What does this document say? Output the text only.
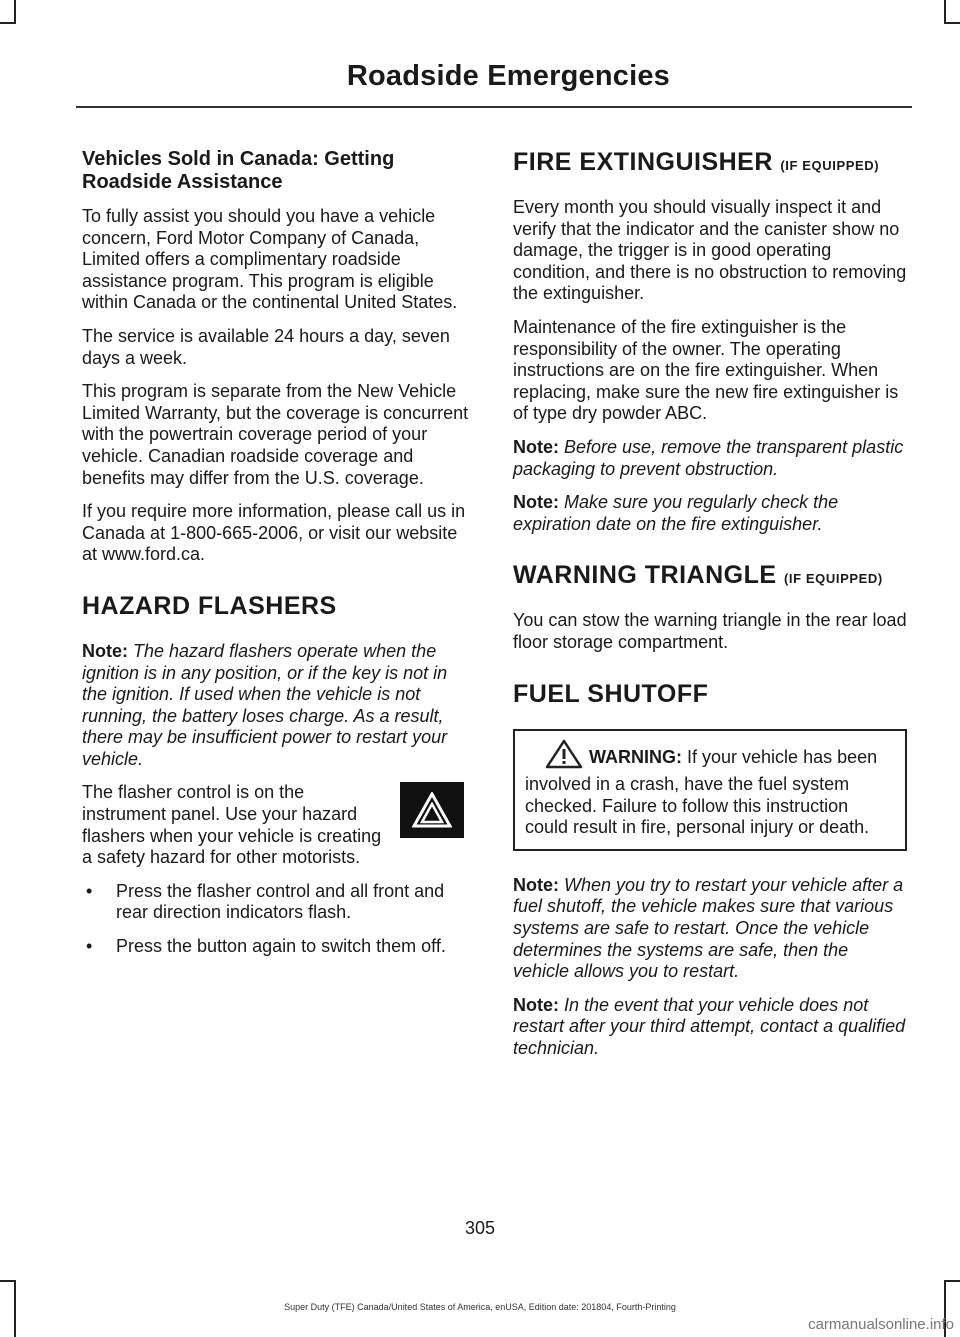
Roadside Emergencies
Vehicles Sold in Canada: Getting Roadside Assistance

To fully assist you should you have a vehicle concern, Ford Motor Company of Canada, Limited offers a complimentary roadside assistance program. This program is eligible within Canada or the continental United States.

The service is available 24 hours a day, seven days a week.

This program is separate from the New Vehicle Limited Warranty, but the coverage is concurrent with the powertrain coverage period of your vehicle. Canadian roadside coverage and benefits may differ from the U.S. coverage.

If you require more information, please call us in Canada at 1-800-665-2006, or visit our website at www.ford.ca.

HAZARD FLASHERS

Note: The hazard flashers operate when the ignition is in any position, or if the key is not in the ignition. If used when the vehicle is not running, the battery loses charge. As a result, there may be insufficient power to restart your vehicle.

The flasher control is on the instrument panel. Use your hazard flashers when your vehicle is creating a safety hazard for other motorists.

• Press the flasher control and all front and rear direction indicators flash.
• Press the button again to switch them off.
FIRE EXTINGUISHER (IF EQUIPPED)

Every month you should visually inspect it and verify that the indicator and the canister show no damage, the trigger is in good operating condition, and there is no obstruction to removing the extinguisher.

Maintenance of the fire extinguisher is the responsibility of the owner. The operating instructions are on the fire extinguisher. When replacing, make sure the new fire extinguisher is of type dry powder ABC.

Note: Before use, remove the transparent plastic packaging to prevent obstruction.

Note: Make sure you regularly check the expiration date on the fire extinguisher.

WARNING TRIANGLE (IF EQUIPPED)

You can stow the warning triangle in the rear load floor storage compartment.

FUEL SHUTOFF
WARNING: If your vehicle has been involved in a crash, have the fuel system checked. Failure to follow this instruction could result in fire, personal injury or death.

Note: When you try to restart your vehicle after a fuel shutoff, the vehicle makes sure that various systems are safe to restart. Once the vehicle determines the systems are safe, then the vehicle allows you to restart.

Note: In the event that your vehicle does not restart after your third attempt, contact a qualified technician.

305
Super Duty (TFE) Canada/United States of America, enUSA, Edition date: 201804, Fourth-Printing
carmanualsonline.info
